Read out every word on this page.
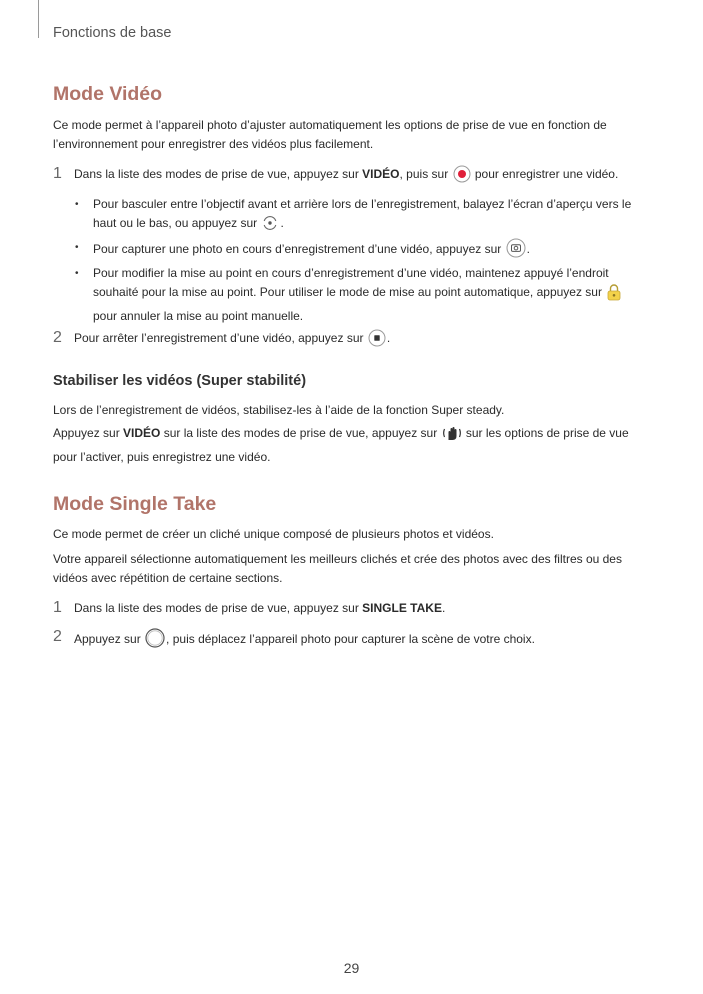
Fonctions de base
Mode Vidéo

Ce mode permet à l’appareil photo d’ajuster automatiquement les options de prise de vue en fonction de l’environnement pour enregistrer des vidéos plus facilement.

1 Dans la liste des modes de prise de vue, appuyez sur VIDÉO, puis sur  pour enregistrer une vidéo.
• Pour basculer entre l’objectif avant et arrière lors de l’enregistrement, balayez l’écran d’aperçu vers le haut ou le bas, ou appuyez sur .
• Pour capturer une photo en cours d’enregistrement d’une vidéo, appuyez sur .
• Pour modifier la mise au point en cours d’enregistrement d’une vidéo, maintenez appuyé l’endroit souhaité pour la mise au point. Pour utiliser le mode de mise au point automatique, appuyez sur  pour annuler la mise au point manuelle.
2 Pour arrêter l’enregistrement d’une vidéo, appuyez sur .
Stabiliser les vidéos (Super stabilité)

Lors de l’enregistrement de vidéos, stabilisez-les à l’aide de la fonction Super steady.

Appuyez sur VIDÉO sur la liste des modes de prise de vue, appuyez sur  sur les options de prise de vue pour l’activer, puis enregistrez une vidéo.

Mode Single Take

Ce mode permet de créer un cliché unique composé de plusieurs photos et vidéos.

Votre appareil sélectionne automatiquement les meilleurs clichés et crée des photos avec des filtres ou des vidéos avec répétition de certaine sections.

1 Dans la liste des modes de prise de vue, appuyez sur SINGLE TAKE.
2 Appuyez sur , puis déplacez l’appareil photo pour capturer la scène de votre choix.
29
